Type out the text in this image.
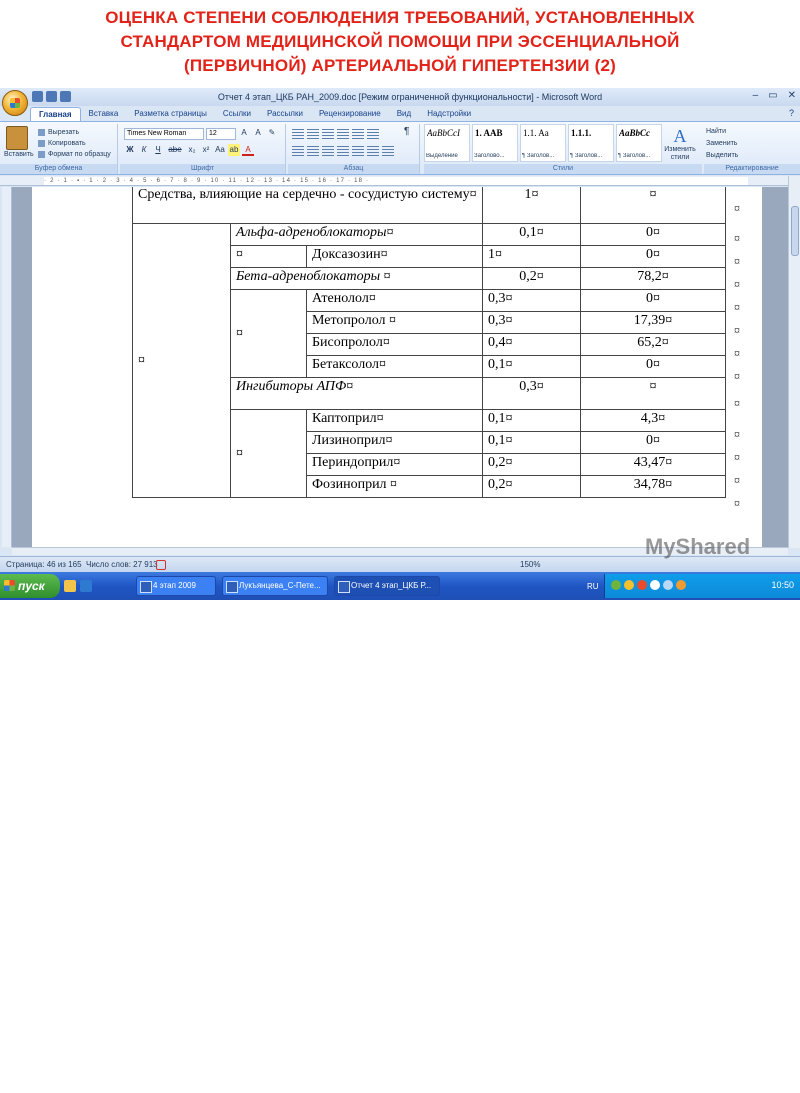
ОЦЕНКА СТЕПЕНИ СОБЛЮДЕНИЯ ТРЕБОВАНИЙ, УСТАНОВЛЕННЫХ
СТАНДАРТОМ МЕДИЦИНСКОЙ ПОМОЩИ ПРИ ЭССЕНЦИАЛЬНОЙ
(ПЕРВИЧНОЙ) АРТЕРИАЛЬНОЙ ГИПЕРТЕНЗИИ (2)
Отчет 4 этап_ЦКБ РАН_2009.doc [Режим ограниченной функциональности] - Microsoft Word	– ▭ ✕
Главная	Вставка	Разметка страницы	Ссылки	Рассылки	Рецензирование	Вид	Надстройки	?
Вставить
Вырезать
Копировать
Формат по образцу
Буфер обмена
Times New Roman	12	A	A ✎
Ж	К	Ч abe x₂ x² Aa ab A
Шрифт
¶
Абзац
AaBbCcI
Выделение
1. AAB
Заголово...
1.1. Aa
¶ Заголов...
1.1.1.
¶ Заголов...
AaBbCc
¶ Заголов...
A
Изменить стили
Стили
Найти
Заменить
Выделить
Редактирование
· 2 · 1 · ▪ · 1 · 2 · 3 · 4 · 5 · 6 · 7 · 8 · 9 · 10 · 11 · 12 · 13 · 14 · 15 · 16 · 17 · 18 ·
Средства, влияющие на сердечно - сосудистую систему¤			1¤	¤
¤	Альфа-адреноблокаторы¤		0,1¤	0¤
	¤	Доксазозин¤	1¤	0¤
	Бета-адреноблокаторы ¤		0,2¤	78,2¤
	¤	Атенолол¤	0,3¤	0¤
		Метопролол ¤	0,3¤	17,39¤
		Бисопролол¤	0,4¤	65,2¤
		Бетаксолол¤	0,1¤	0¤
	Ингибиторы АПФ¤		0,3¤	¤
	¤	Каптоприл¤	0,1¤	4,3¤
		Лизиноприл¤	0,1¤	0¤
		Периндоприл¤	0,2¤	43,47¤
		Фозиноприл ¤	0,2¤	34,78¤
¤
¤
¤
¤
¤
¤
¤
¤
¤
¤
¤
¤
¤
Страница: 46 из 165 Число слов: 27 913	150%
пуск	4 этап 2009	Лукъянцева_С-Пете...	Отчет 4 этап_ЦКБ Р...	RU	10:50
MyShared
